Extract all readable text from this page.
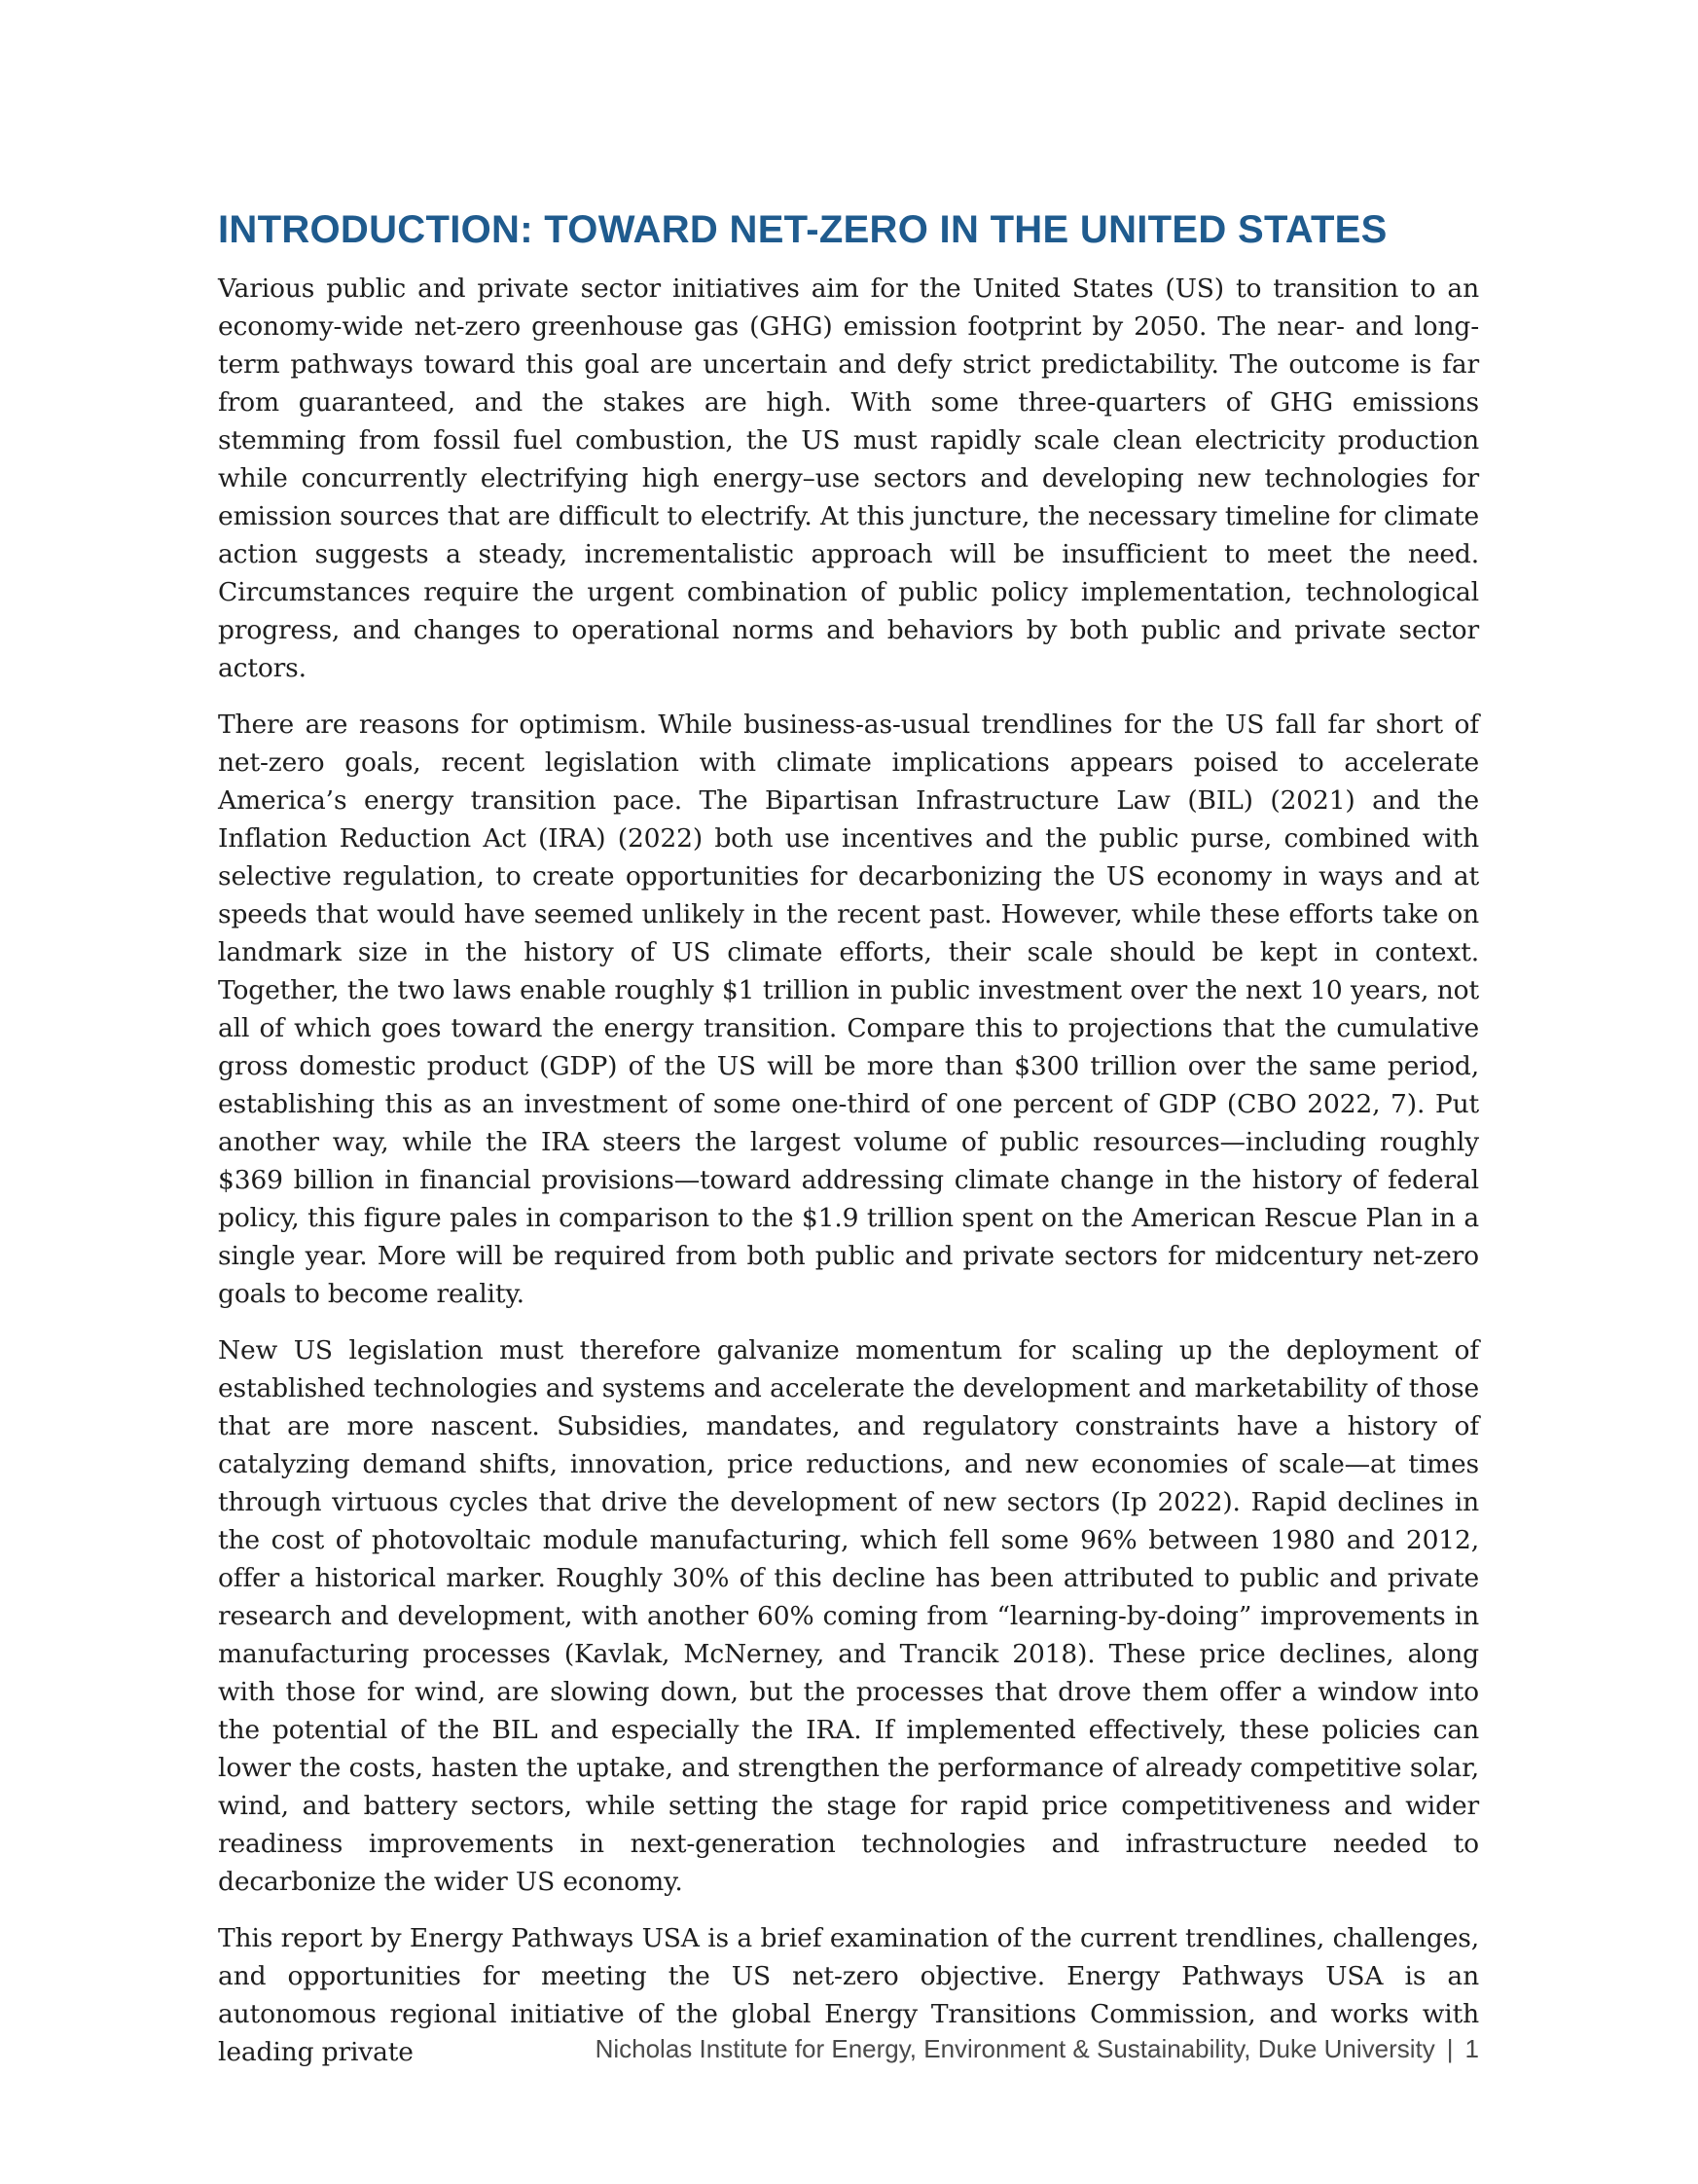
INTRODUCTION: TOWARD NET-ZERO IN THE UNITED STATES

Various public and private sector initiatives aim for the United States (US) to transition to an economy-wide net-zero greenhouse gas (GHG) emission footprint by 2050. The near- and long-term pathways toward this goal are uncertain and defy strict predictability. The outcome is far from guaranteed, and the stakes are high. With some three-quarters of GHG emissions stemming from fossil fuel combustion, the US must rapidly scale clean electricity production while concurrently electrifying high energy–use sectors and developing new technologies for emission sources that are difficult to electrify. At this juncture, the necessary timeline for climate action suggests a steady, incrementalistic approach will be insufficient to meet the need. Circumstances require the urgent combination of public policy implementation, technological progress, and changes to operational norms and behaviors by both public and private sector actors.

There are reasons for optimism. While business-as-usual trendlines for the US fall far short of net-zero goals, recent legislation with climate implications appears poised to accelerate America’s energy transition pace. The Bipartisan Infrastructure Law (BIL) (2021) and the Inflation Reduction Act (IRA) (2022) both use incentives and the public purse, combined with selective regulation, to create opportunities for decarbonizing the US economy in ways and at speeds that would have seemed unlikely in the recent past. However, while these efforts take on landmark size in the history of US climate efforts, their scale should be kept in context. Together, the two laws enable roughly $1 trillion in public investment over the next 10 years, not all of which goes toward the energy transition. Compare this to projections that the cumulative gross domestic product (GDP) of the US will be more than $300 trillion over the same period, establishing this as an investment of some one-third of one percent of GDP (CBO 2022, 7). Put another way, while the IRA steers the largest volume of public resources—including roughly $369 billion in financial provisions—toward addressing climate change in the history of federal policy, this figure pales in comparison to the $1.9 trillion spent on the American Rescue Plan in a single year. More will be required from both public and private sectors for midcentury net-zero goals to become reality.

New US legislation must therefore galvanize momentum for scaling up the deployment of established technologies and systems and accelerate the development and marketability of those that are more nascent. Subsidies, mandates, and regulatory constraints have a history of catalyzing demand shifts, innovation, price reductions, and new economies of scale—at times through virtuous cycles that drive the development of new sectors (Ip 2022). Rapid declines in the cost of photovoltaic module manufacturing, which fell some 96% between 1980 and 2012, offer a historical marker. Roughly 30% of this decline has been attributed to public and private research and development, with another 60% coming from “learning-by-doing” improvements in manufacturing processes (Kavlak, McNerney, and Trancik 2018). These price declines, along with those for wind, are slowing down, but the processes that drove them offer a window into the potential of the BIL and especially the IRA. If implemented effectively, these policies can lower the costs, hasten the uptake, and strengthen the performance of already competitive solar, wind, and battery sectors, while setting the stage for rapid price competitiveness and wider readiness improvements in next-generation technologies and infrastructure needed to decarbonize the wider US economy.

This report by Energy Pathways USA is a brief examination of the current trendlines, challenges, and opportunities for meeting the US net-zero objective. Energy Pathways USA is an autonomous regional initiative of the global Energy Transitions Commission, and works with leading private	Nicholas Institute for Energy, Environment & Sustainability, Duke University | 1
